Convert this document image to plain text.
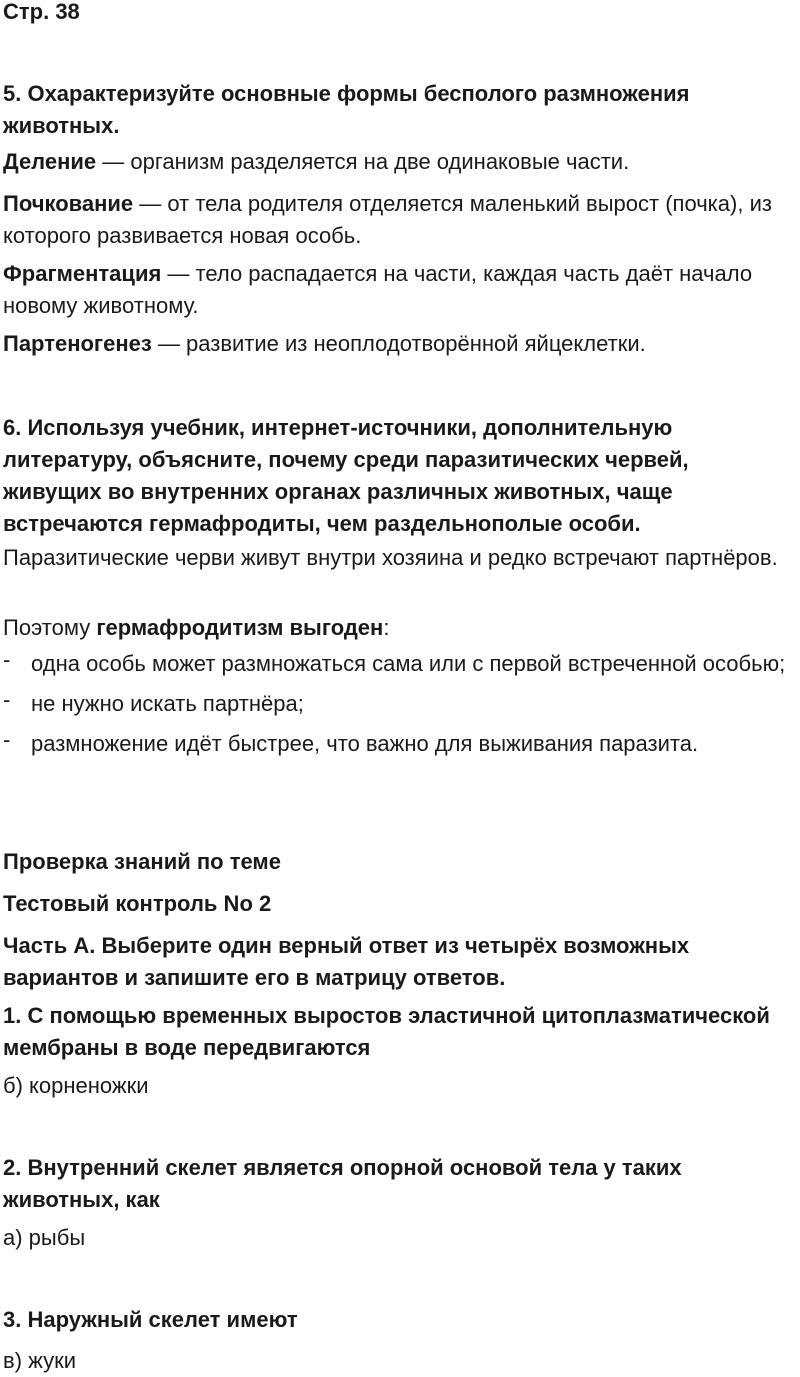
Стр. 38

5. Охарактеризуйте основные формы бесполого размножения животных.

Деление — организм разделяется на две одинаковые части.

Почкование — от тела родителя отделяется маленький вырост (почка), из которого развивается новая особь.

Фрагментация — тело распадается на части, каждая часть даёт начало новому животному.

Партеногенез — развитие из неоплодотворённой яйцеклетки.

6. Используя учебник, интернет-источники, дополнительную литературу, объясните, почему среди паразитических червей, живущих во внутренних органах различных животных, чаще встречаются гермафродиты, чем раздельнополые особи.

Паразитические черви живут внутри хозяина и редко встречают партнёров.

Поэтому гермафродитизм выгоден:

- одна особь может размножаться сама или с первой встреченной особью;
- не нужно искать партнёра;
- размножение идёт быстрее, что важно для выживания паразита.

Проверка знаний по теме

Тестовый контроль No 2

Часть А. Выберите один верный ответ из четырёх возможных вариантов и запишите его в матрицу ответов.

1. С помощью временных выростов эластичной цитоплазматической мембраны в воде передвигаются

б) корненожки

2. Внутренний скелет является опорной основой тела у таких животных, как

а) рыбы

3. Наружный скелет имеют

в) жуки
